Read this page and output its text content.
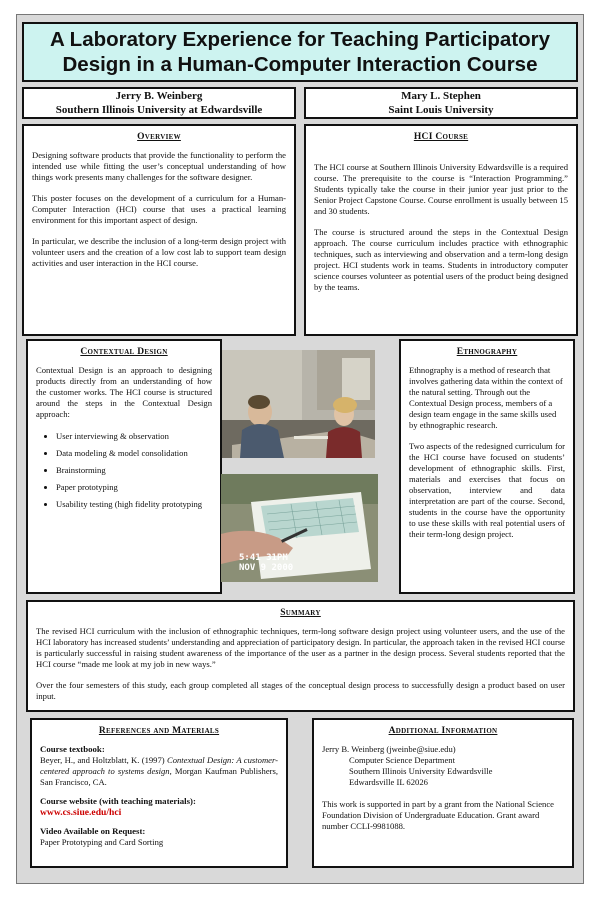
A Laboratory Experience for Teaching Participatory
Design in a Human-Computer Interaction Course
Jerry B. Weinberg
Southern Illinois University at Edwardsville
Mary L. Stephen
Saint Louis University
Overview

Designing software products that provide the functionality to perform the intended use while fitting the user’s conceptual understanding of how things work presents many challenges for the software designer.

This poster focuses on the development of a curriculum for a Human-Computer Interaction (HCI) course that uses a practical learning environment for this important aspect of design.

In particular, we describe the inclusion of a long-term design project with volunteer users and the creation of a low cost lab to support team design activities and user interaction in the HCI course.

HCI Course

The HCI course at Southern Illinois University Edwardsville is a required course. The prerequisite to the course is “Interaction Programming.” Students typically take the course in their junior year just prior to the Senior Project Capstone Course. Course enrollment is usually between 15 and 30 students.

The course is structured around the steps in the Contextual Design approach. The course curriculum includes practice with ethnographic techniques, such as interviewing and observation and a term-long design project. HCI students work in teams. Students in introductory computer science courses volunteer as potential users of the product being designed by the teams.

Contextual Design

Contextual Design is an approach to designing products directly from an understanding of how the customer works. The HCI course is structured around the steps in the Contextual Design approach:

• User interviewing & observation
• Data modeling & model consolidation
• Brainstorming
• Paper prototyping
• Usability testing (high fidelity prototyping
5:41 31PM
NOV 9 2000
Ethnography

Ethnography is a method of research that involves gathering data within the context of the natural setting. Through out the Contextual Design process, members of a design team engage in the same skills used by ethnographic research.

Two aspects of the redesigned curriculum for the HCI course have focused on students’ development of ethnographic skills. First, materials and exercises that focus on observation, interview and data interpretation are part of the course. Second, students in the course have the opportunity to use these skills with real potential users of their term-long design project.

Summary

The revised HCI curriculum with the inclusion of ethnographic techniques, term-long software design project using volunteer users, and the use of the HCI laboratory has increased students’ understanding and appreciation of participatory design. In particular, the approach taken in the revised HCI course is particularly successful in raising student awareness of the importance of the user as a partner in the design process. Several students reported that the HCI course “made me look at my job in new ways.”

Over the four semesters of this study, each group completed all stages of the conceptual design process to successfully design a product based on user input.

References and Materials
Course textbook:
Beyer, H., and Holtzblatt, K. (1997) Contextual Design: A customer-centered approach to systems design, Morgan Kaufman Publishers, San Francisco, CA.
Course website (with teaching materials):
www.cs.siue.edu/hci
Video Available on Request:
Paper Prototyping and Card Sorting
Additional Information
Jerry B. Weinberg (jweinbe@siue.edu)
Computer Science Department
Southern Illinois University Edwardsville
Edwardsville IL 62026
This work is supported in part by a grant from the National Science Foundation Division of Undergraduate Education. Grant award number CCLI-9981088.
